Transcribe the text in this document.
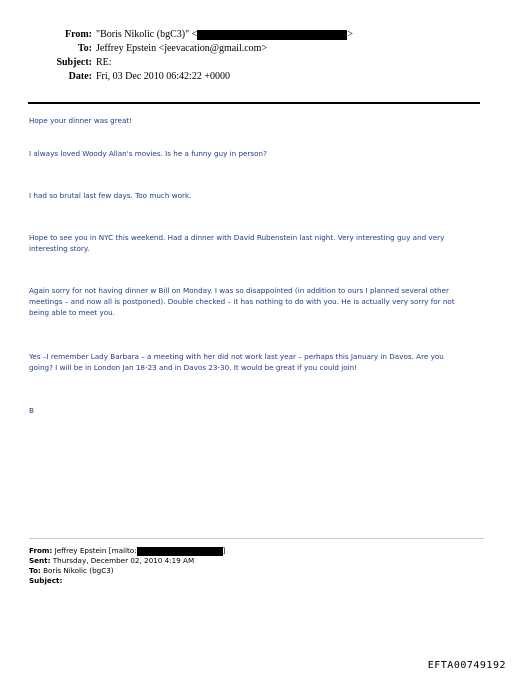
From: "Boris Nikolic (bgC3)" <	>
To: Jeffrey Epstein <jeevacation@gmail.com>
Subject: RE:
Date: Fri, 03 Dec 2010 06:42:22 +0000
Hope your dinner was great!
I always loved Woody Allan's movies. Is he a funny guy in person?
I had so brutal last few days. Too much work.
Hope to see you in NYC this weekend. Had a dinner with David Rubenstein last night. Very interesting guy and very
interesting story.
Again sorry for not having dinner w Bill on Monday. I was so disappointed (in addition to ours I planned several other
meetings – and now all is postponed). Double checked – it has nothing to do with you. He is actually very sorry for not
being able to meet you.
Yes –I remember Lady Barbara – a meeting with her did not work last year – perhaps this January in Davos. Are you
going? I will be in London Jan 18-23 and in Davos 23-30. It would be great if you could join!
B
From: Jeffrey Epstein [mailto:	]
Sent: Thursday, December 02, 2010 4:19 AM
To: Boris Nikolic (bgC3)
Subject:
EFTA00749192
